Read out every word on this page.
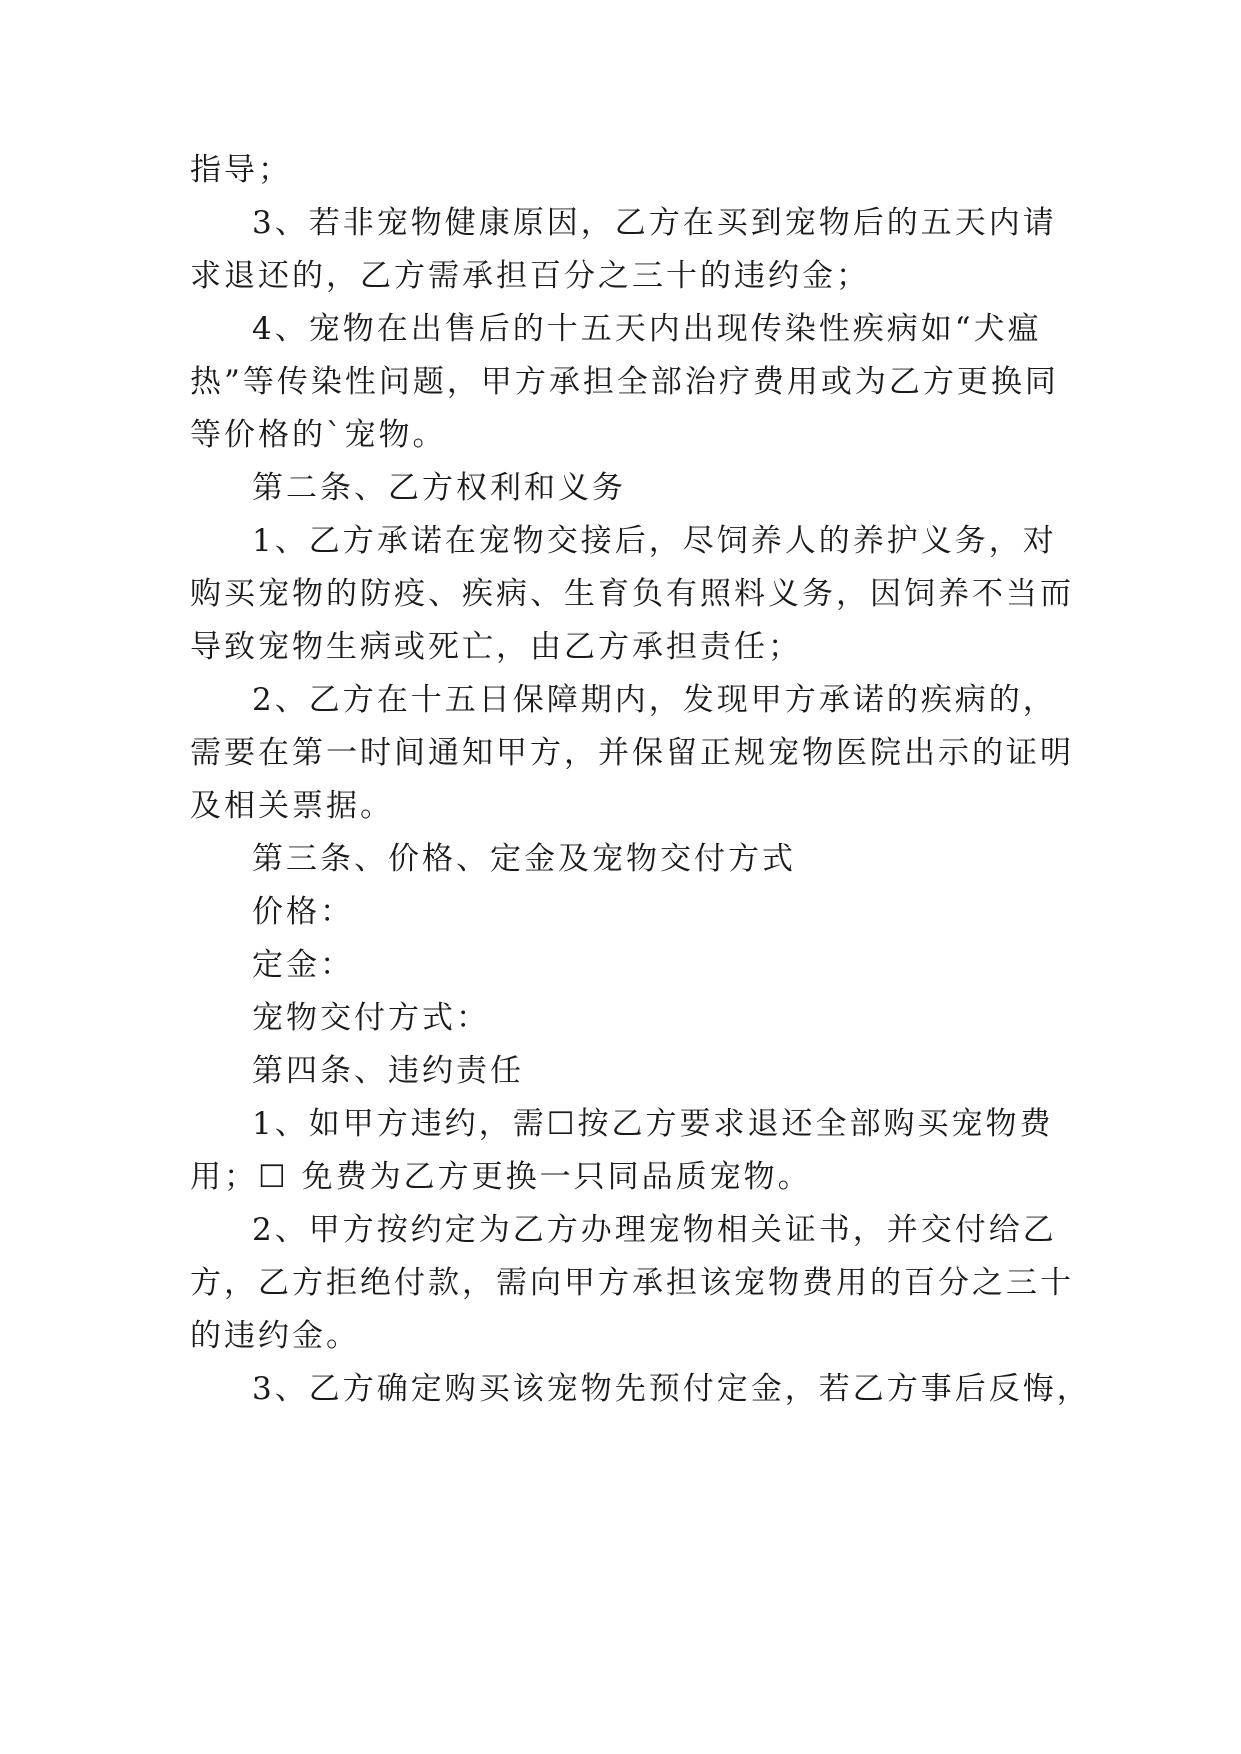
指导；
3、若非宠物健康原因，乙方在买到宠物后的五天内请
求退还的，乙方需承担百分之三十的违约金；
4、宠物在出售后的十五天内出现传染性疾病如“犬瘟
热”等传染性问题，甲方承担全部治疗费用或为乙方更换同
等价格的`宠物。
第二条、乙方权利和义务
1、乙方承诺在宠物交接后，尽饲养人的养护义务，对
购买宠物的防疫、疾病、生育负有照料义务，因饲养不当而
导致宠物生病或死亡，由乙方承担责任；
2、乙方在十五日保障期内，发现甲方承诺的疾病的，
需要在第一时间通知甲方，并保留正规宠物医院出示的证明
及相关票据。
第三条、价格、定金及宠物交付方式
价格：
定金：
宠物交付方式：
第四条、违约责任
1、如甲方违约，需☐按乙方要求退还全部购买宠物费
用；☐ 免费为乙方更换一只同品质宠物。
2、甲方按约定为乙方办理宠物相关证书，并交付给乙
方，乙方拒绝付款，需向甲方承担该宠物费用的百分之三十
的违约金。
3、乙方确定购买该宠物先预付定金，若乙方事后反悔，
